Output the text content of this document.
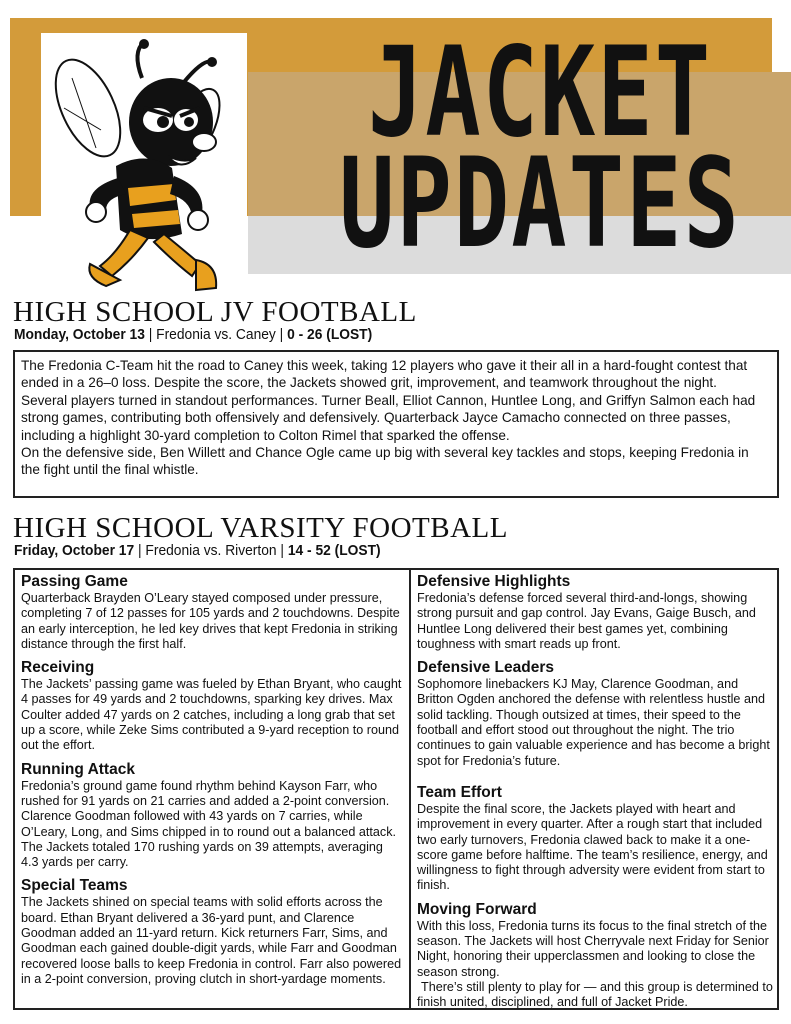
JACKET
UPDATES
HIGH SCHOOL JV FOOTBALL
Monday, October 13 | Fredonia vs. Caney | 0 - 26 (LOST)

The Fredonia C-Team hit the road to Caney this week, taking 12 players who gave it their all in a hard-fought contest that ended in a 26–0 loss. Despite the score, the Jackets showed grit, improvement, and teamwork throughout the night.

Several players turned in standout performances. Turner Beall, Elliot Cannon, Huntlee Long, and Griffyn Salmon each had strong games, contributing both offensively and defensively. Quarterback Jayce Camacho connected on three passes, including a highlight 30-yard completion to Colton Rimel that sparked the offense.

On the defensive side, Ben Willett and Chance Ogle came up big with several key tackles and stops, keeping Fredonia in the fight until the final whistle.

HIGH SCHOOL VARSITY FOOTBALL
Friday, October 17 | Fredonia vs. Riverton | 14 - 52 (LOST)
Passing Game

Quarterback Brayden O’Leary stayed composed under pressure, completing 7 of 12 passes for 105 yards and 2 touchdowns. Despite an early interception, he led key drives that kept Fredonia in striking distance through the first half.

Receiving

The Jackets’ passing game was fueled by Ethan Bryant, who caught 4 passes for 49 yards and 2 touchdowns, sparking key drives. Max Coulter added 47 yards on 2 catches, including a long grab that set up a score, while Zeke Sims contributed a 9-yard reception to round out the effort.

Running Attack

Fredonia’s ground game found rhythm behind Kayson Farr, who rushed for 91 yards on 21 carries and added a 2-point conversion. Clarence Goodman followed with 43 yards on 7 carries, while O’Leary, Long, and Sims chipped in to round out a balanced attack. The Jackets totaled 170 rushing yards on 39 attempts, averaging 4.3 yards per carry.

Special Teams

The Jackets shined on special teams with solid efforts across the board. Ethan Bryant delivered a 36-yard punt, and Clarence Goodman added an 11-yard return. Kick returners Farr, Sims, and Goodman each gained double-digit yards, while Farr and Goodman recovered loose balls to keep Fredonia in control. Farr also powered in a 2-point conversion, proving clutch in short-yardage moments.

Defensive Highlights

Fredonia’s defense forced several third-and-longs, showing strong pursuit and gap control. Jay Evans, Gaige Busch, and Huntlee Long delivered their best games yet, combining toughness with smart reads up front.

Defensive Leaders

Sophomore linebackers KJ May, Clarence Goodman, and Britton Ogden anchored the defense with relentless hustle and solid tackling. Though outsized at times, their speed to the football and effort stood out throughout the night. The trio continues to gain valuable experience and has become a bright spot for Fredonia’s future.

Team Effort

Despite the final score, the Jackets played with heart and improvement in every quarter. After a rough start that included two early turnovers, Fredonia clawed back to make it a one-score game before halftime. The team’s resilience, energy, and willingness to fight through adversity were evident from start to finish.

Moving Forward

With this loss, Fredonia turns its focus to the final stretch of the season. The Jackets will host Cherryvale next Friday for Senior Night, honoring their upperclassmen and looking to close the season strong.

There’s still plenty to play for — and this group is determined to finish united, disciplined, and full of Jacket Pride.
